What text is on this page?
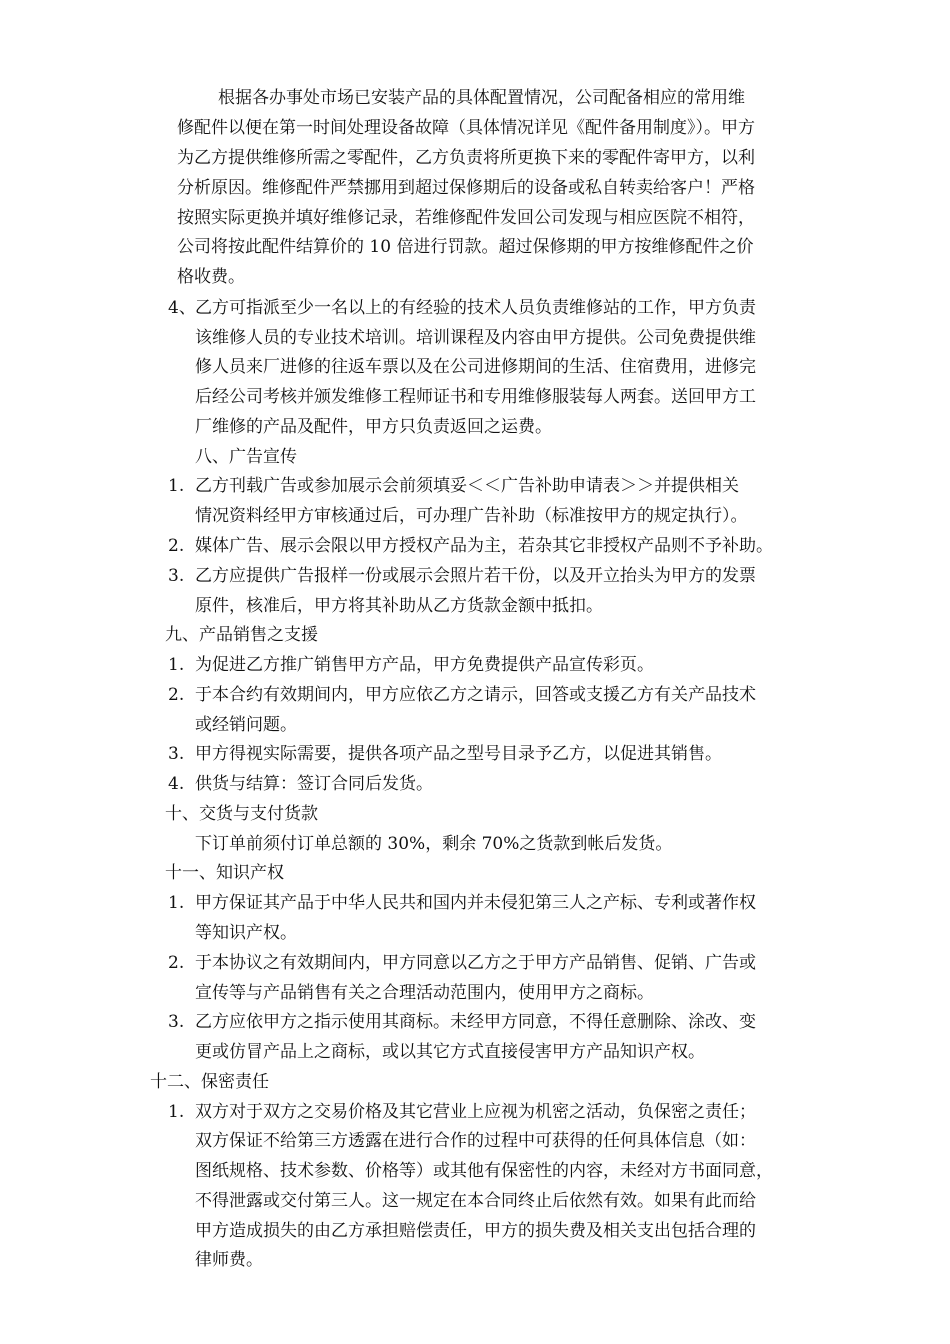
根据各办事处市场已安装产品的具体配置情况，公司配备相应的常用维
修配件以便在第一时间处理设备故障（具体情况详见《配件备用制度》）。甲方
为乙方提供维修所需之零配件，乙方负责将所更换下来的零配件寄甲方，以利
分析原因。维修配件严禁挪用到超过保修期后的设备或私自转卖给客户！严格
按照实际更换并填好维修记录，若维修配件发回公司发现与相应医院不相符，
公司将按此配件结算价的 10 倍进行罚款。超过保修期的甲方按维修配件之价
格收费。
4、 乙方可指派至少一名以上的有经验的技术人员负责维修站的工作，甲方负责
该维修人员的专业技术培训。培训课程及内容由甲方提供。公司免费提供维
修人员来厂进修的往返车票以及在公司进修期间的生活、住宿费用，进修完
后经公司考核并颁发维修工程师证书和专用维修服装每人两套。送回甲方工
厂维修的产品及配件，甲方只负责返回之运费。
八、广告宣传
1. 乙方刊载广告或参加展示会前须填妥＜＜广告补助申请表＞＞并提供相关
情况资料经甲方审核通过后，可办理广告补助（标准按甲方的规定执行）。
2. 媒体广告、展示会限以甲方授权产品为主，若杂其它非授权产品则不予补助。
3. 乙方应提供广告报样一份或展示会照片若干份，以及开立抬头为甲方的发票
原件，核准后，甲方将其补助从乙方货款金额中抵扣。
九、产品销售之支援
1. 为促进乙方推广销售甲方产品，甲方免费提供产品宣传彩页。
2. 于本合约有效期间内，甲方应依乙方之请示，回答或支援乙方有关产品技术
或经销问题。
3. 甲方得视实际需要，提供各项产品之型号目录予乙方，以促进其销售。
4. 供货与结算：签订合同后发货。
十、交货与支付货款
下订单前须付订单总额的 30%，剩余 70%之货款到帐后发货。
十一、知识产权
1. 甲方保证其产品于中华人民共和国内并未侵犯第三人之产标、专利或著作权
等知识产权。
2. 于本协议之有效期间内，甲方同意以乙方之于甲方产品销售、促销、广告或
宣传等与产品销售有关之合理活动范围内，使用甲方之商标。
3. 乙方应依甲方之指示使用其商标。未经甲方同意，不得任意删除、涂改、变
更或仿冒产品上之商标，或以其它方式直接侵害甲方产品知识产权。
十二、保密责任
1. 双方对于双方之交易价格及其它营业上应视为机密之活动，负保密之责任；
双方保证不给第三方透露在进行合作的过程中可获得的任何具体信息（如：
图纸规格、技术参数、价格等）或其他有保密性的内容，未经对方书面同意，
不得泄露或交付第三人。这一规定在本合同终止后依然有效。如果有此而给
甲方造成损失的由乙方承担赔偿责任，甲方的损失费及相关支出包括合理的
律师费。
